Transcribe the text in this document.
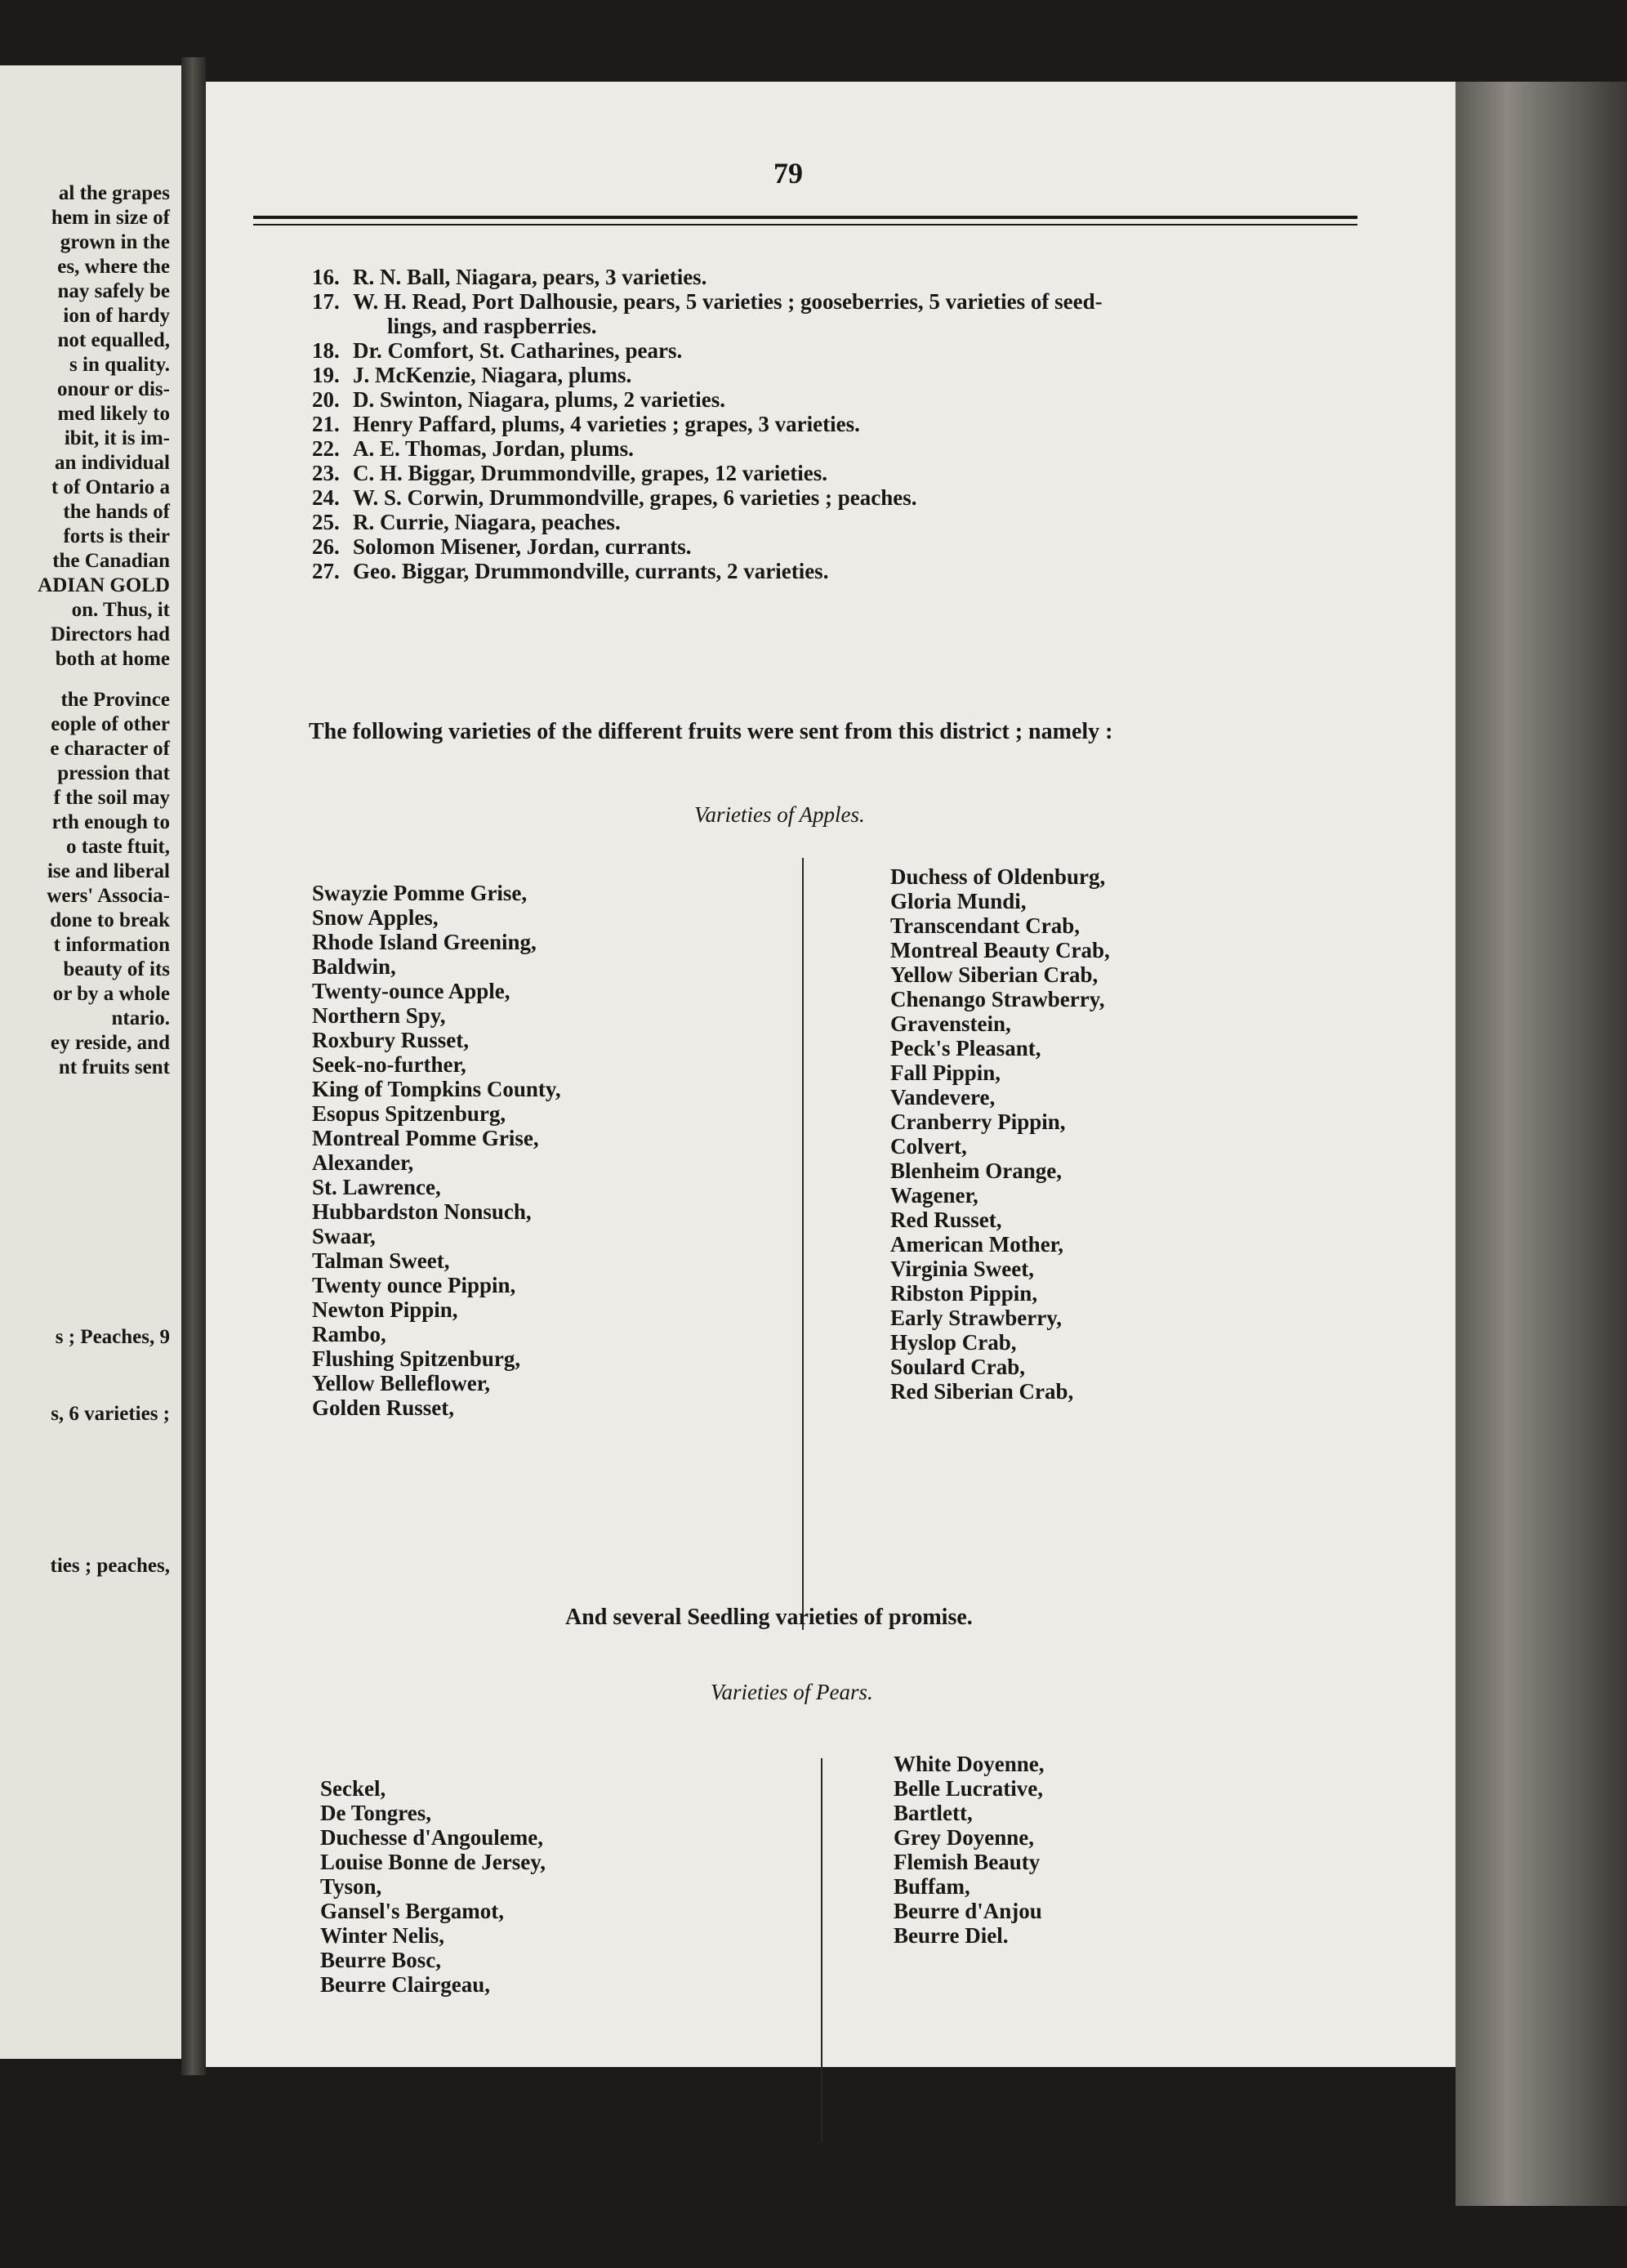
al the grapes
hem in size of
grown in the
es, where the
nay safely be
ion of hardy
not equalled,
s in quality.
onour or dis-
med likely to
ibit, it is im-
an individual
t of Ontario a
the hands of
forts is their
the Canadian
ADIAN GOLD
on. Thus, it
Directors had
both at home
the Province
eople of other
e character of
pression that
f the soil may
rth enough to
o taste ftuit,
ise and liberal
wers' Associa-
done to break
t information
beauty of its
or by a whole
ntario.
ey reside, and
nt fruits sent
s ; Peaches, 9
s, 6 varieties ;
ties ; peaches,
79
The following varieties of the different fruits were sent from this district ; namely :
Varieties of Apples.
And several Seedling varieties of promise.
Varieties of Pears.
16. R. N. Ball, Niagara, pears, 3 varieties.
17. W. H. Read, Port Dalhousie, pears, 5 varieties ; gooseberries, 5 varieties of seed-
lings, and raspberries.
18. Dr. Comfort, St. Catharines, pears.
19. J. McKenzie, Niagara, plums.
20. D. Swinton, Niagara, plums, 2 varieties.
21. Henry Paffard, plums, 4 varieties ; grapes, 3 varieties.
22. A. E. Thomas, Jordan, plums.
23. C. H. Biggar, Drummondville, grapes, 12 varieties.
24. W. S. Corwin, Drummondville, grapes, 6 varieties ; peaches.
25. R. Currie, Niagara, peaches.
26. Solomon Misener, Jordan, currants.
27. Geo. Biggar, Drummondville, currants, 2 varieties.
Swayzie Pomme Grise,
Snow Apples,
Rhode Island Greening,
Baldwin,
Twenty-ounce Apple,
Northern Spy,
Roxbury Russet,
Seek-no-further,
King of Tompkins County,
Esopus Spitzenburg,
Montreal Pomme Grise,
Alexander,
St. Lawrence,
Hubbardston Nonsuch,
Swaar,
Talman Sweet,
Twenty ounce Pippin,
Newton Pippin,
Rambo,
Flushing Spitzenburg,
Yellow Belleflower,
Golden Russet,
Duchess of Oldenburg,
Gloria Mundi,
Transcendant Crab,
Montreal Beauty Crab,
Yellow Siberian Crab,
Chenango Strawberry,
Gravenstein,
Peck's Pleasant,
Fall Pippin,
Vandevere,
Cranberry Pippin,
Colvert,
Blenheim Orange,
Wagener,
Red Russet,
American Mother,
Virginia Sweet,
Ribston Pippin,
Early Strawberry,
Hyslop Crab,
Soulard Crab,
Red Siberian Crab,
Seckel,
De Tongres,
Duchesse d'Angouleme,
Louise Bonne de Jersey,
Tyson,
Gansel's Bergamot,
Winter Nelis,
Beurre Bosc,
Beurre Clairgeau,
White Doyenne,
Belle Lucrative,
Bartlett,
Grey Doyenne,
Flemish Beauty
Buffam,
Beurre d'Anjou
Beurre Diel.
